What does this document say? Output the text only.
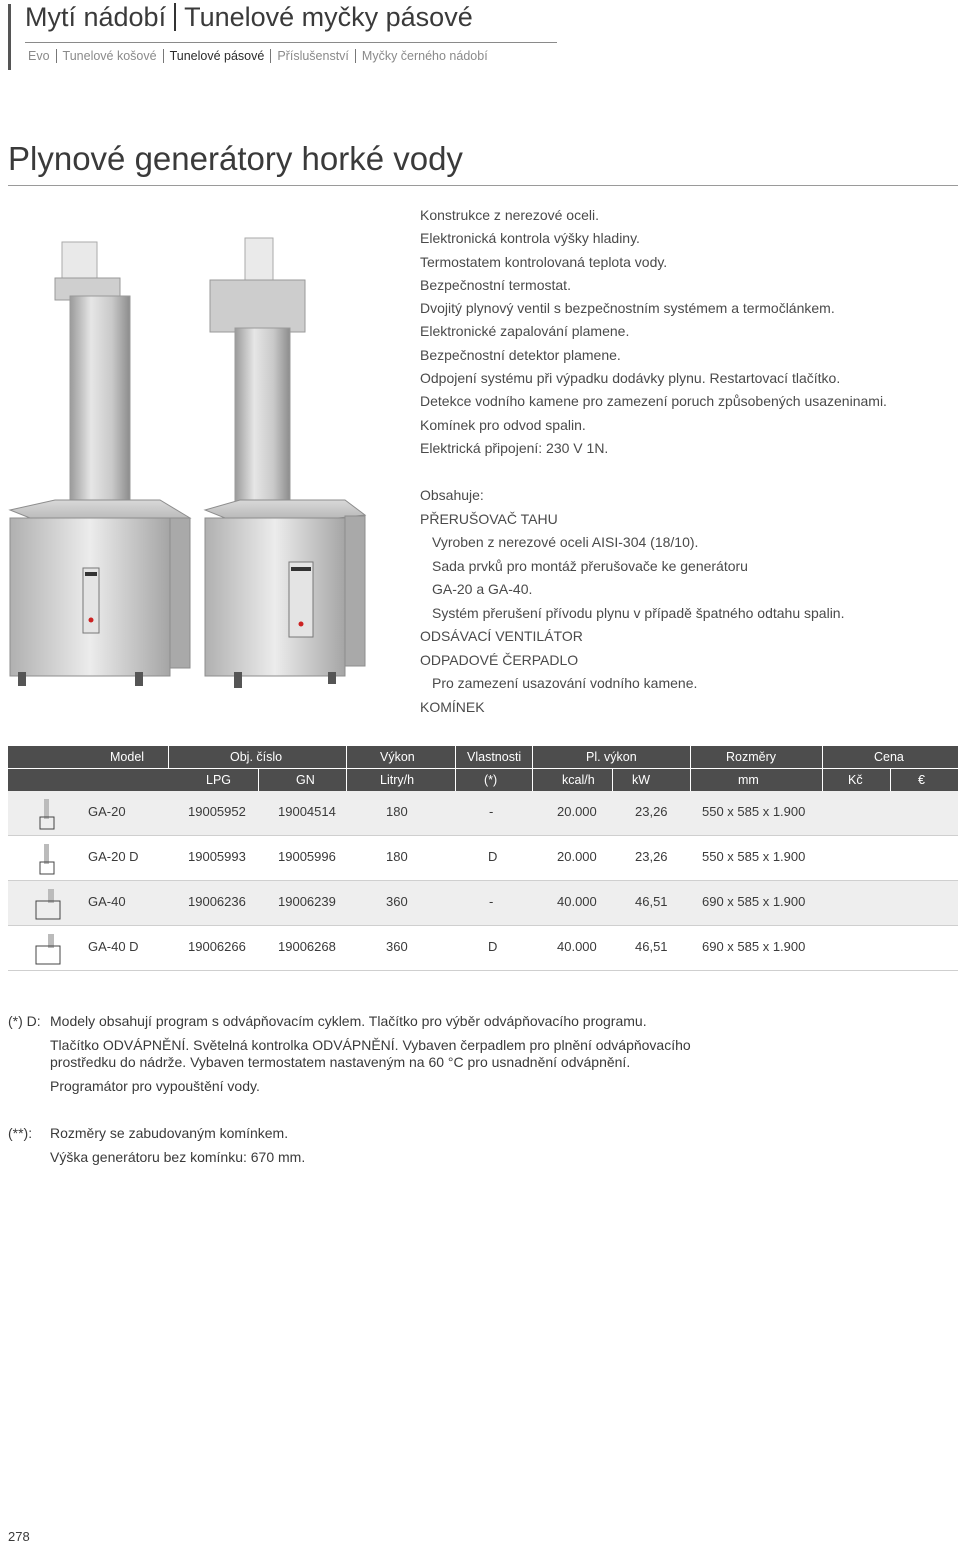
Mytí nádobí Tunelové myčky pásové
Evo Tunelové košové Tunelové pásové Příslušenství Myčky černého nádobí
Plynové generátory horké vody
Konstrukce z nerezové oceli.
Elektronická kontrola výšky hladiny.
Termostatem kontrolovaná teplota vody.
Bezpečnostní termostat.
Dvojitý plynový ventil s bezpečnostním systémem a termočlánkem.
Elektronické zapalování plamene.
Bezpečnostní detektor plamene.
Odpojení systému při výpadku dodávky plynu. Restartovací tlačítko.
Detekce vodního kamene pro zamezení poruch způsobených usazeninami.
Komínek pro odvod spalin.
Elektrická připojení: 230 V 1N.
Obsahuje:
PŘERUŠOVAČ TAHU
Vyroben z nerezové oceli AISI-304 (18/10).
Sada prvků pro montáž přerušovače ke generátoru
GA-20 a GA-40.
Systém přerušení přívodu plynu v případě špatného odtahu spalin.
ODSÁVACÍ VENTILÁTOR
ODPADOVÉ ČERPADLO
Pro zamezení usazování vodního kamene.
KOMÍNEK
Model	Obj. číslo	Výkon	Vlastnosti	Pl. výkon	Rozměry	Cena
LPG	GN	Litry/h	(*)	kcal/h	kW	mm	Kč	€
GA-20	19005952 19004514	180	-	20.000	23,26	550 x 585 x 1.900
GA-20 D	19005993 19005996	180	D	20.000	23,26	550 x 585 x 1.900
GA-40	19006236 19006239	360	-	40.000	46,51	690 x 585 x 1.900
GA-40 D	19006266 19006268	360	D	40.000	46,51	690 x 585 x 1.900
(*) D: Modely obsahují program s odvápňovacím cyklem. Tlačítko pro výběr odvápňovacího programu.
Tlačítko ODVÁPNĚNÍ. Světelná kontrolka ODVÁPNĚNÍ. Vybaven čerpadlem pro plnění odvápňovacího
prostředku do nádrže. Vybaven termostatem nastaveným na 60 °C pro usnadnění odvápnění.
Programátor pro vypouštění vody.
(**): Rozměry se zabudovaným komínkem.
Výška generátoru bez komínku: 670 mm.
278
